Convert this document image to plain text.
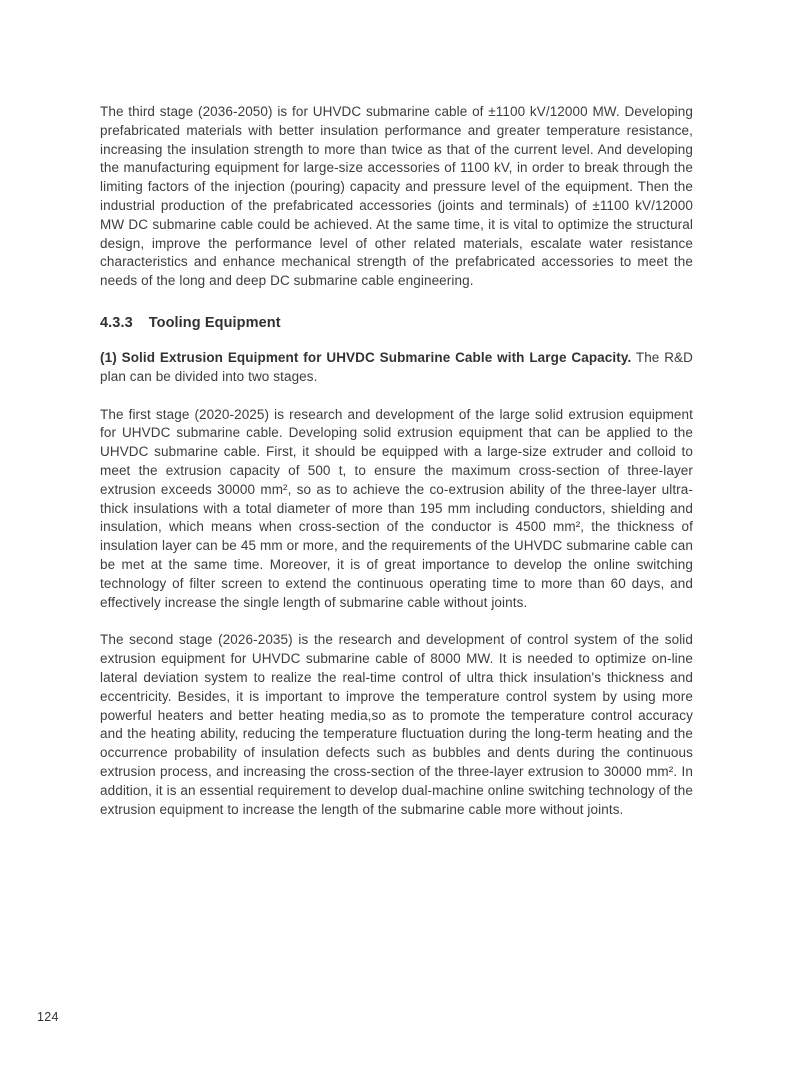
The third stage (2036-2050) is for UHVDC submarine cable of ±1100 kV/12000 MW. Developing prefabricated materials with better insulation performance and greater temperature resistance, increasing the insulation strength to more than twice as that of the current level. And developing the manufacturing equipment for large-size accessories of 1100 kV, in order to break through the limiting factors of the injection (pouring) capacity and pressure level of the equipment. Then the industrial production of the prefabricated accessories (joints and terminals) of ±1100 kV/12000 MW DC submarine cable could be achieved. At the same time, it is vital to optimize the structural design, improve the performance level of other related materials, escalate water resistance characteristics and enhance mechanical strength of the prefabricated accessories to meet the needs of the long and deep DC submarine cable engineering.

4.3.3 Tooling Equipment

(1) Solid Extrusion Equipment for UHVDC Submarine Cable with Large Capacity. The R&D plan can be divided into two stages.

The first stage (2020-2025) is research and development of the large solid extrusion equipment for UHVDC submarine cable. Developing solid extrusion equipment that can be applied to the UHVDC submarine cable. First, it should be equipped with a large-size extruder and colloid to meet the extrusion capacity of 500 t, to ensure the maximum cross-section of three-layer extrusion exceeds 30000 mm², so as to achieve the co-extrusion ability of the three-layer ultra-thick insulations with a total diameter of more than 195 mm including conductors, shielding and insulation, which means when cross-section of the conductor is 4500 mm², the thickness of insulation layer can be 45 mm or more, and the requirements of the UHVDC submarine cable can be met at the same time. Moreover, it is of great importance to develop the online switching technology of filter screen to extend the continuous operating time to more than 60 days, and effectively increase the single length of submarine cable without joints.

The second stage (2026-2035) is the research and development of control system of the solid extrusion equipment for UHVDC submarine cable of 8000 MW. It is needed to optimize on-line lateral deviation system to realize the real-time control of ultra thick insulation's thickness and eccentricity. Besides, it is important to improve the temperature control system by using more powerful heaters and better heating media,so as to promote the temperature control accuracy and the heating ability, reducing the temperature fluctuation during the long-term heating and the occurrence probability of insulation defects such as bubbles and dents during the continuous extrusion process, and increasing the cross-section of the three-layer extrusion to 30000 mm². In addition, it is an essential requirement to develop dual-machine online switching technology of the extrusion equipment to increase the length of the submarine cable more without joints.

124
